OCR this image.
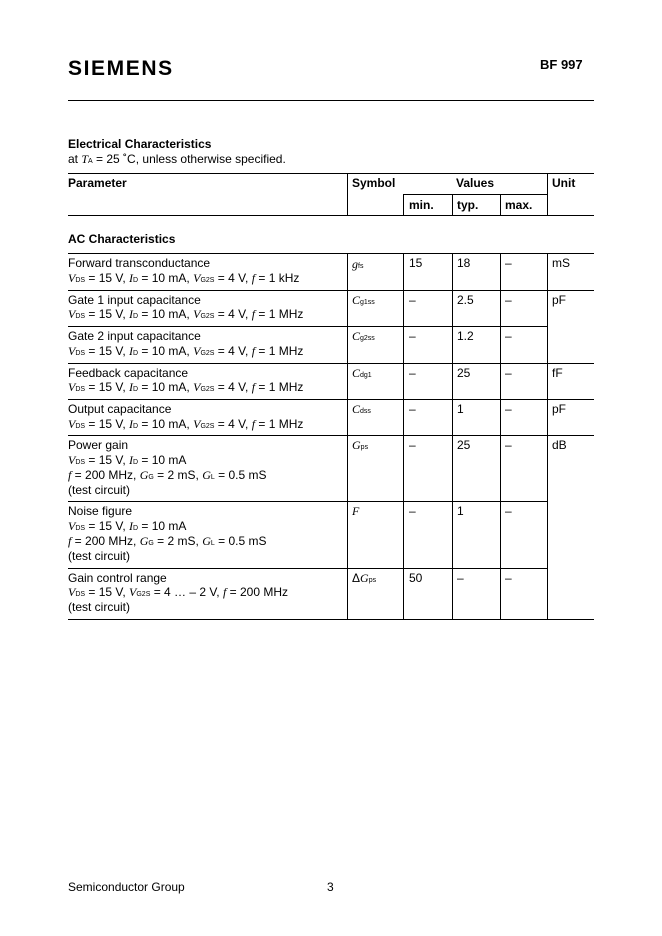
SIEMENS	BF 997
Electrical Characteristics
at TA = 25 ˚C, unless otherwise specified.
Parameter	Symbol	Values	Unit
min. typ. max.
AC Characteristics
Forward transconductance
VDS = 15 V, ID = 10 mA, VG2S = 4 V, f = 1 kHz
gfs	15	18	–	mS
Gate 1 input capacitance
VDS = 15 V, ID = 10 mA, VG2S = 4 V, f = 1 MHz
Cg1ss	–	2.5	–	pF
Gate 2 input capacitance
VDS = 15 V, ID = 10 mA, VG2S = 4 V, f = 1 MHz
Cg2ss	–	1.2	–
Feedback capacitance
VDS = 15 V, ID = 10 mA, VG2S = 4 V, f = 1 MHz
Cdg1	–	25	–	fF
Output capacitance
VDS = 15 V, ID = 10 mA, VG2S = 4 V, f = 1 MHz
Cdss	–	1	–	pF
Power gain
VDS = 15 V, ID = 10 mA
f = 200 MHz, GG = 2 mS, GL = 0.5 mS
(test circuit)
Gps	–	25	–	dB
Noise figure
VDS = 15 V, ID = 10 mA
f = 200 MHz, GG = 2 mS, GL = 0.5 mS
(test circuit)
F	–	1	–
Gain control range
VDS = 15 V, VG2S = 4 … – 2 V, f = 200 MHz
(test circuit)
ΔGps	50	–	–
Semiconductor Group	3
